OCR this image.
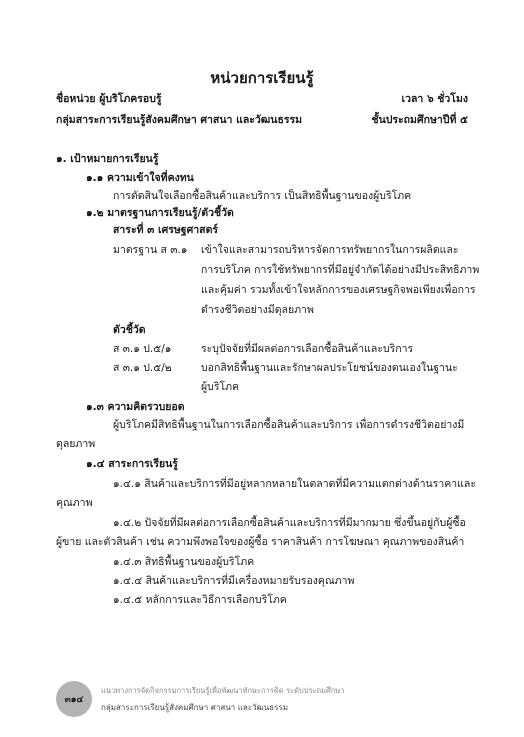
หน่วยการเรียนรู้
ชื่อหน่วย ผู้บริโภครอบรู้	เวลา ๖ ชั่วโมง
กลุ่มสาระการเรียนรู้สังคมศึกษา ศาสนา และวัฒนธรรม	ชั้นประถมศึกษาปีที่ ๕
๑. เป้าหมายการเรียนรู้
๑.๑ ความเข้าใจที่คงทน
การตัดสินใจเลือกซื้อสินค้าและบริการ เป็นสิทธิพื้นฐานของผู้บริโภค
๑.๒ มาตรฐานการเรียนรู้/ตัวชี้วัด
สาระที่ ๓ เศรษฐศาสตร์
มาตรฐาน ส ๓.๑ เข้าใจและสามารถบริหารจัดการทรัพยากรในการผลิตและ
การบริโภค การใช้ทรัพยากรที่มีอยู่จำกัดได้อย่างมีประสิทธิภาพ
และคุ้มค่า รวมทั้งเข้าใจหลักการของเศรษฐกิจพอเพียงเพื่อการ
ดำรงชีวิตอย่างมีดุลยภาพ
ตัวชี้วัด
ส ๓.๑ ป.๕/๑	ระบุปัจจัยที่มีผลต่อการเลือกซื้อสินค้าและบริการ
ส ๓.๑ ป.๕/๒	บอกสิทธิพื้นฐานและรักษาผลประโยชน์ของตนเองในฐานะ
ผู้บริโภค
๑.๓ ความคิดรวบยอด
ผู้บริโภคมีสิทธิพื้นฐานในการเลือกซื้อสินค้าและบริการ เพื่อการดำรงชีวิตอย่างมี
ดุลยภาพ
๑.๔ สาระการเรียนรู้
๑.๔.๑ สินค้าและบริการที่มีอยู่หลากหลายในตลาดที่มีความแตกต่างด้านราคาและ
คุณภาพ
๑.๔.๒ ปัจจัยที่มีผลต่อการเลือกซื้อสินค้าและบริการที่มีมากมาย ซึ่งขึ้นอยู่กับผู้ซื้อ
ผู้ขาย และตัวสินค้า เช่น ความพึงพอใจของผู้ซื้อ ราคาสินค้า การโฆษณา คุณภาพของสินค้า
๑.๔.๓ สิทธิพื้นฐานของผู้บริโภค
๑.๔.๔ สินค้าและบริการที่มีเครื่องหมายรับรองคุณภาพ
๑.๔.๕ หลักการและวิธีการเลือกบริโภค
๓๑๔
แนวทางการจัดกิจกรรมการเรียนรู้เพื่อพัฒนาทักษะการคิด ระดับประถมศึกษา
กลุ่มสาระการเรียนรู้สังคมศึกษา ศาสนา และวัฒนธรรม
